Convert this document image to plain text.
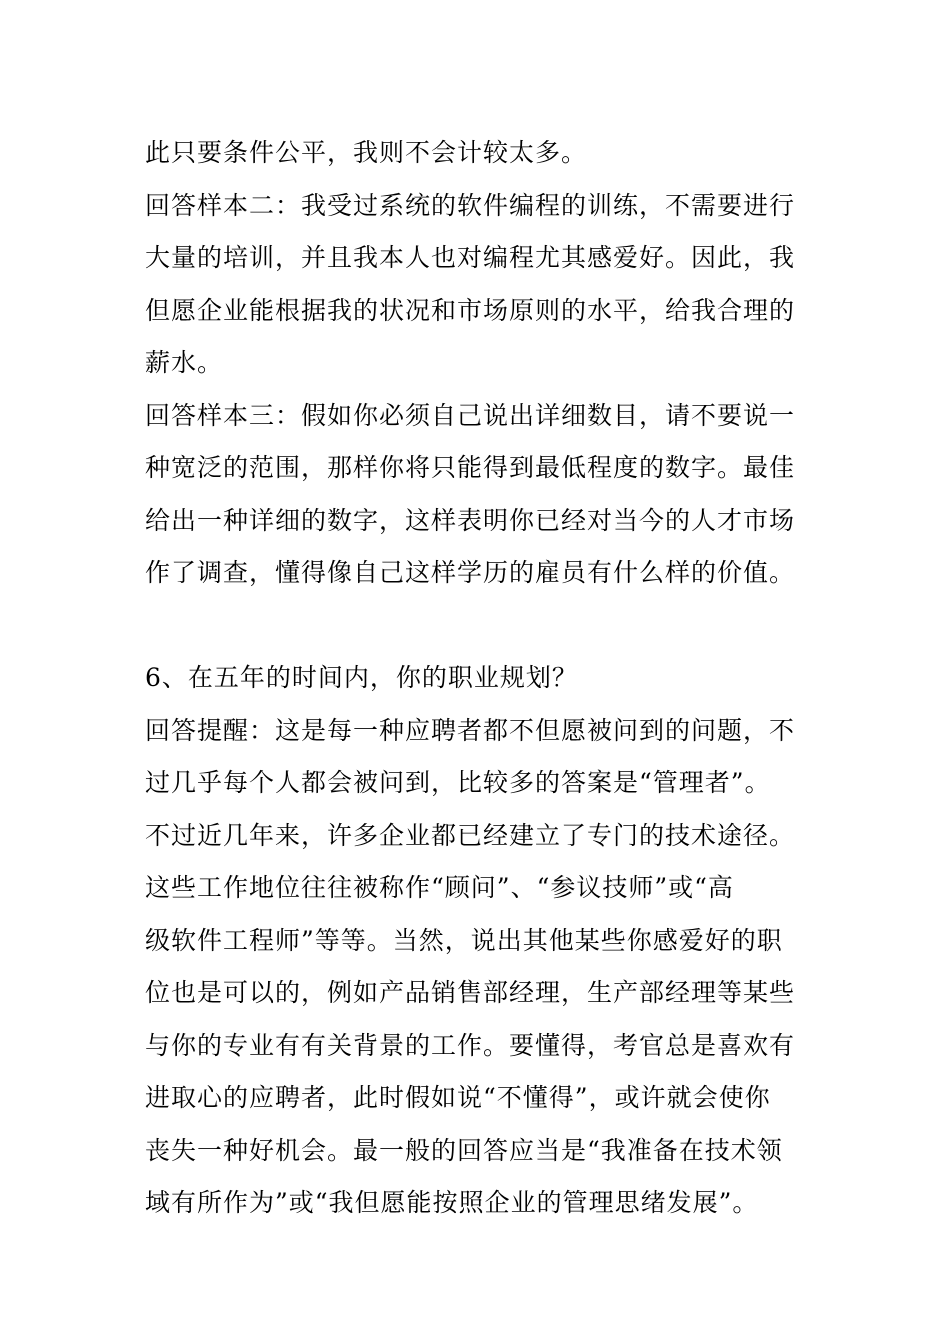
此只要条件公平，我则不会计较太多。
回答样本二：我受过系统的软件编程的训练，不需要进行
大量的培训，并且我本人也对编程尤其感爱好。因此，我
但愿企业能根据我的状况和市场原则的水平，给我合理的
薪水。
回答样本三：假如你必须自己说出详细数目，请不要说一
种宽泛的范围，那样你将只能得到最低程度的数字。最佳
给出一种详细的数字，这样表明你已经对当今的人才市场
作了调查，懂得像自己这样学历的雇员有什么样的价值。
6、在五年的时间内，你的职业规划？
回答提醒：这是每一种应聘者都不但愿被问到的问题，不
过几乎每个人都会被问到，比较多的答案是“管理者”。
不过近几年来，许多企业都已经建立了专门的技术途径。
这些工作地位往往被称作“顾问”、“参议技师”或“高
级软件工程师”等等。当然，说出其他某些你感爱好的职
位也是可以的，例如产品销售部经理，生产部经理等某些
与你的专业有有关背景的工作。要懂得，考官总是喜欢有
进取心的应聘者，此时假如说“不懂得”，或许就会使你
丧失一种好机会。最一般的回答应当是“我准备在技术领
域有所作为”或“我但愿能按照企业的管理思绪发展”。
